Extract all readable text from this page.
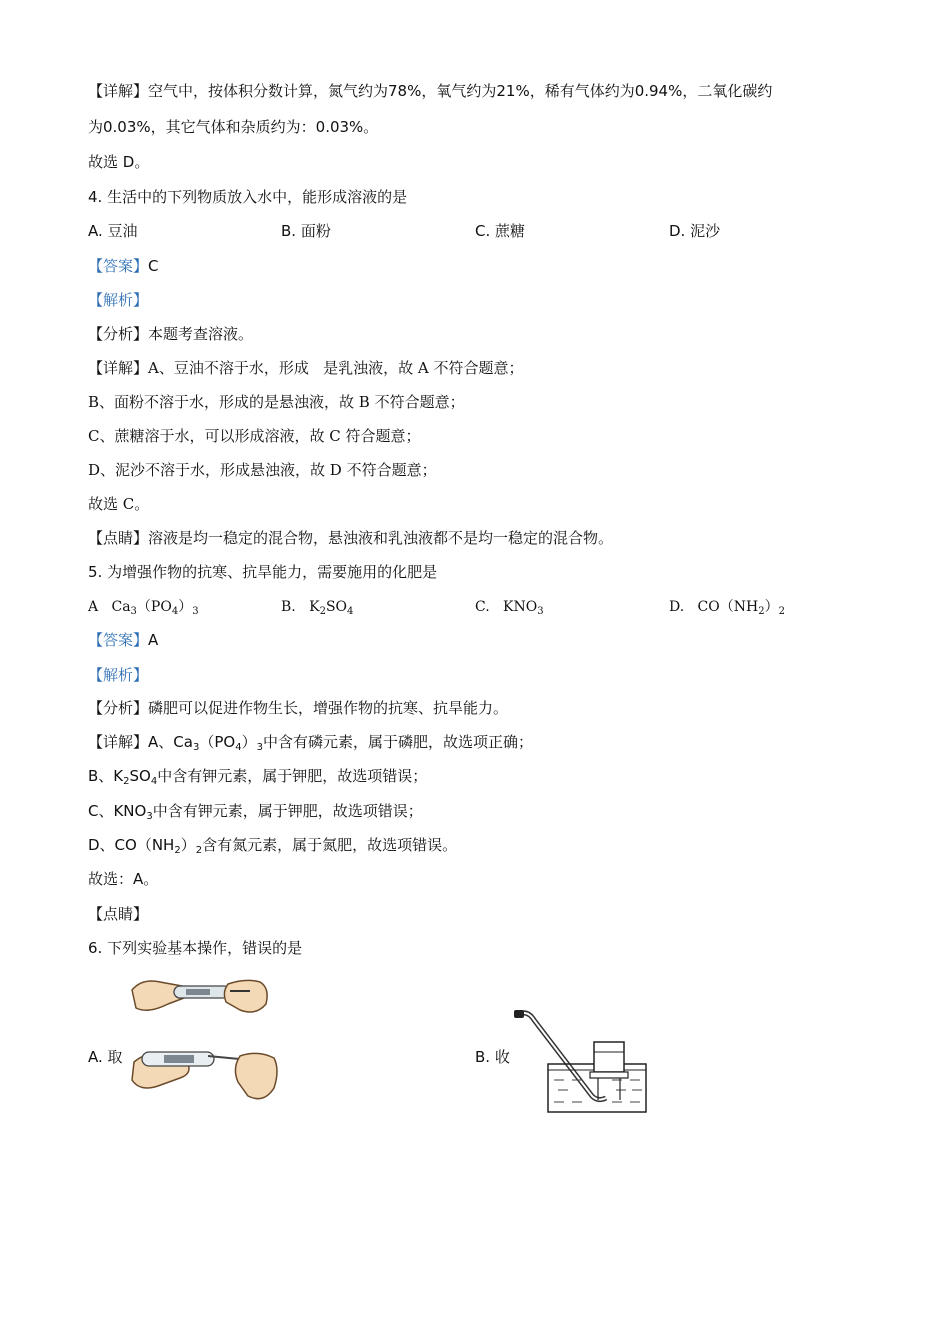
【详解】空气中，按体积分数计算，氮气约为78%，氧气约为21%，稀有气体约为0.94%，二氧化碳约
为0.03%，其它气体和杂质约为：0.03%。
故选 D。
4. 生活中的下列物质放入水中，能形成溶液的是
A. 豆油	B. 面粉	C. 蔗糖	D. 泥沙
【答案】C
【解析】
【分析】本题考查溶液。
【详解】A、豆油不溶于水，形成   是乳浊液，故 A 不符合题意；
B、面粉不溶于水，形成的是悬浊液，故 B 不符合题意；
C、蔗糖溶于水，可以形成溶液，故 C 符合题意；
D、泥沙不溶于水，形成悬浊液，故 D 不符合题意；
故选 C。
【点睛】溶液是均一稳定的混合物，悬浊液和乳浊液都不是均一稳定的混合物。
5. 为增强作物的抗寒、抗旱能力，需要施用的化肥是
A $Ca_3(PO_4)_3$	B. $K_2SO_4$	C. $KNO_3$	D. $CO(NH_2)_2$
【答案】A
【解析】
【分析】磷肥可以促进作物生长，增强作物的抗寒、抗旱能力。
【详解】A、$Ca_3(PO_4)_3$中含有磷元素，属于磷肥，故选项正确；
B、$K_2SO_4$中含有钾元素，属于钾肥，故选项错误；
C、$KNO_3$中含有钾元素，属于钾肥，故选项错误；
D、$CO(NH_2)_2$含有氮元素，属于氮肥，故选项错误。
故选：A。
【点睛】
6. 下列实验基本操作，错误的是
A. 取	B. 收
